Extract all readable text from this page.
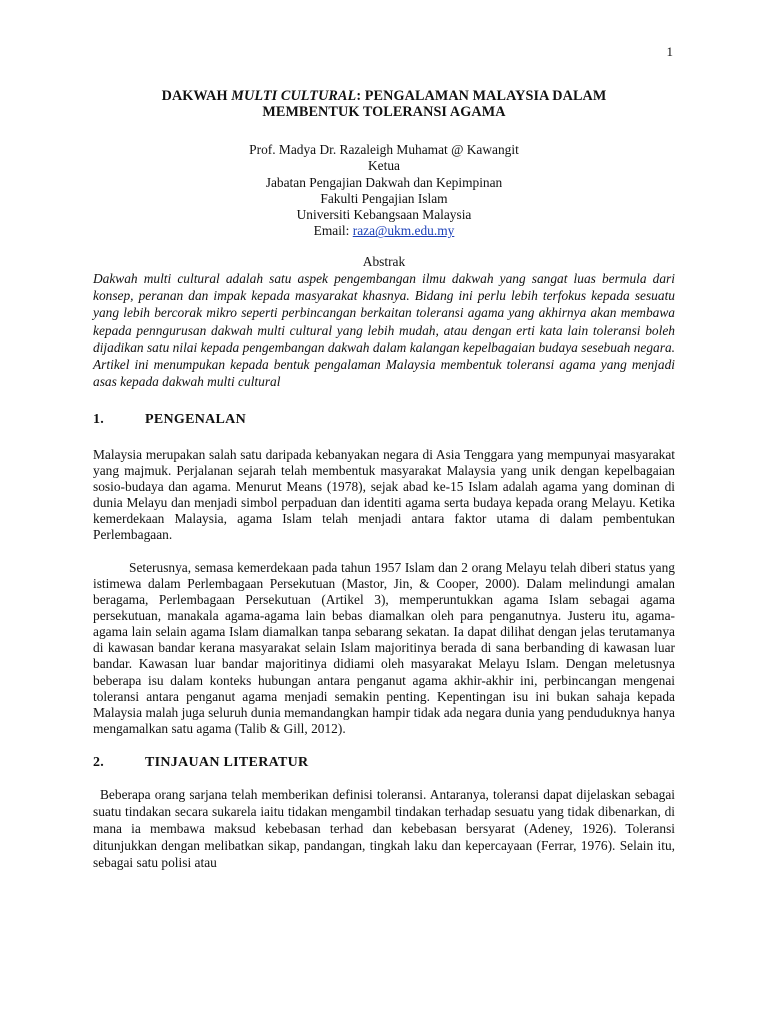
1
DAKWAH MULTI CULTURAL: PENGALAMAN MALAYSIA DALAM
MEMBENTUK TOLERANSI AGAMA
Prof. Madya Dr. Razaleigh Muhamat @ Kawangit
Ketua
Jabatan Pengajian Dakwah dan Kepimpinan
Fakulti Pengajian Islam
Universiti Kebangsaan Malaysia
Email: raza@ukm.edu.my
Abstrak

Dakwah multi cultural adalah satu aspek pengembangan ilmu dakwah yang sangat luas bermula dari konsep, peranan dan impak kepada masyarakat khasnya. Bidang ini perlu lebih terfokus kepada sesuatu yang lebih bercorak mikro seperti perbincangan berkaitan toleransi agama yang akhirnya akan membawa kepada penngurusan dakwah multi cultural yang lebih mudah, atau dengan erti kata lain toleransi boleh dijadikan satu nilai kepada pengembangan dakwah dalam kalangan kepelbagaian budaya sesebuah negara. Artikel ini menumpukan kepada bentuk pengalaman Malaysia membentuk toleransi agama yang menjadi asas kepada dakwah multi cultural

1.	PENGENALAN

Malaysia merupakan salah satu daripada kebanyakan negara di Asia Tenggara yang mempunyai masyarakat yang majmuk. Perjalanan sejarah telah membentuk masyarakat Malaysia yang unik dengan kepelbagaian sosio-budaya dan agama. Menurut Means (1978), sejak abad ke-15 Islam adalah agama yang dominan di dunia Melayu dan menjadi simbol perpaduan dan identiti agama serta budaya kepada orang Melayu. Ketika kemerdekaan Malaysia, agama Islam telah menjadi antara faktor utama di dalam pembentukan Perlembagaan.

Seterusnya, semasa kemerdekaan pada tahun 1957 Islam dan 2 orang Melayu telah diberi status yang istimewa dalam Perlembagaan Persekutuan (Mastor, Jin, & Cooper, 2000). Dalam melindungi amalan beragama, Perlembagaan Persekutuan (Artikel 3), memperuntukkan agama Islam sebagai agama persekutuan, manakala agama-agama lain bebas diamalkan oleh para penganutnya. Justeru itu, agama-agama lain selain agama Islam diamalkan tanpa sebarang sekatan. Ia dapat dilihat dengan jelas terutamanya di kawasan bandar kerana masyarakat selain Islam majoritinya berada di sana berbanding di kawasan luar bandar. Kawasan luar bandar majoritinya didiami oleh masyarakat Melayu Islam. Dengan meletusnya beberapa isu dalam konteks hubungan antara penganut agama akhir-akhir ini, perbincangan mengenai toleransi antara penganut agama menjadi semakin penting. Kepentingan isu ini bukan sahaja kepada Malaysia malah juga seluruh dunia memandangkan hampir tidak ada negara dunia yang penduduknya hanya mengamalkan satu agama (Talib & Gill, 2012).

2.	TINJAUAN LITERATUR

Beberapa orang sarjana telah memberikan definisi toleransi. Antaranya, toleransi dapat dijelaskan sebagai suatu tindakan secara sukarela iaitu tidakan mengambil tindakan terhadap sesuatu yang tidak dibenarkan, di mana ia membawa maksud kebebasan terhad dan kebebasan bersyarat (Adeney, 1926). Toleransi ditunjukkan dengan melibatkan sikap, pandangan, tingkah laku dan kepercayaan (Ferrar, 1976). Selain itu, sebagai satu polisi atau
